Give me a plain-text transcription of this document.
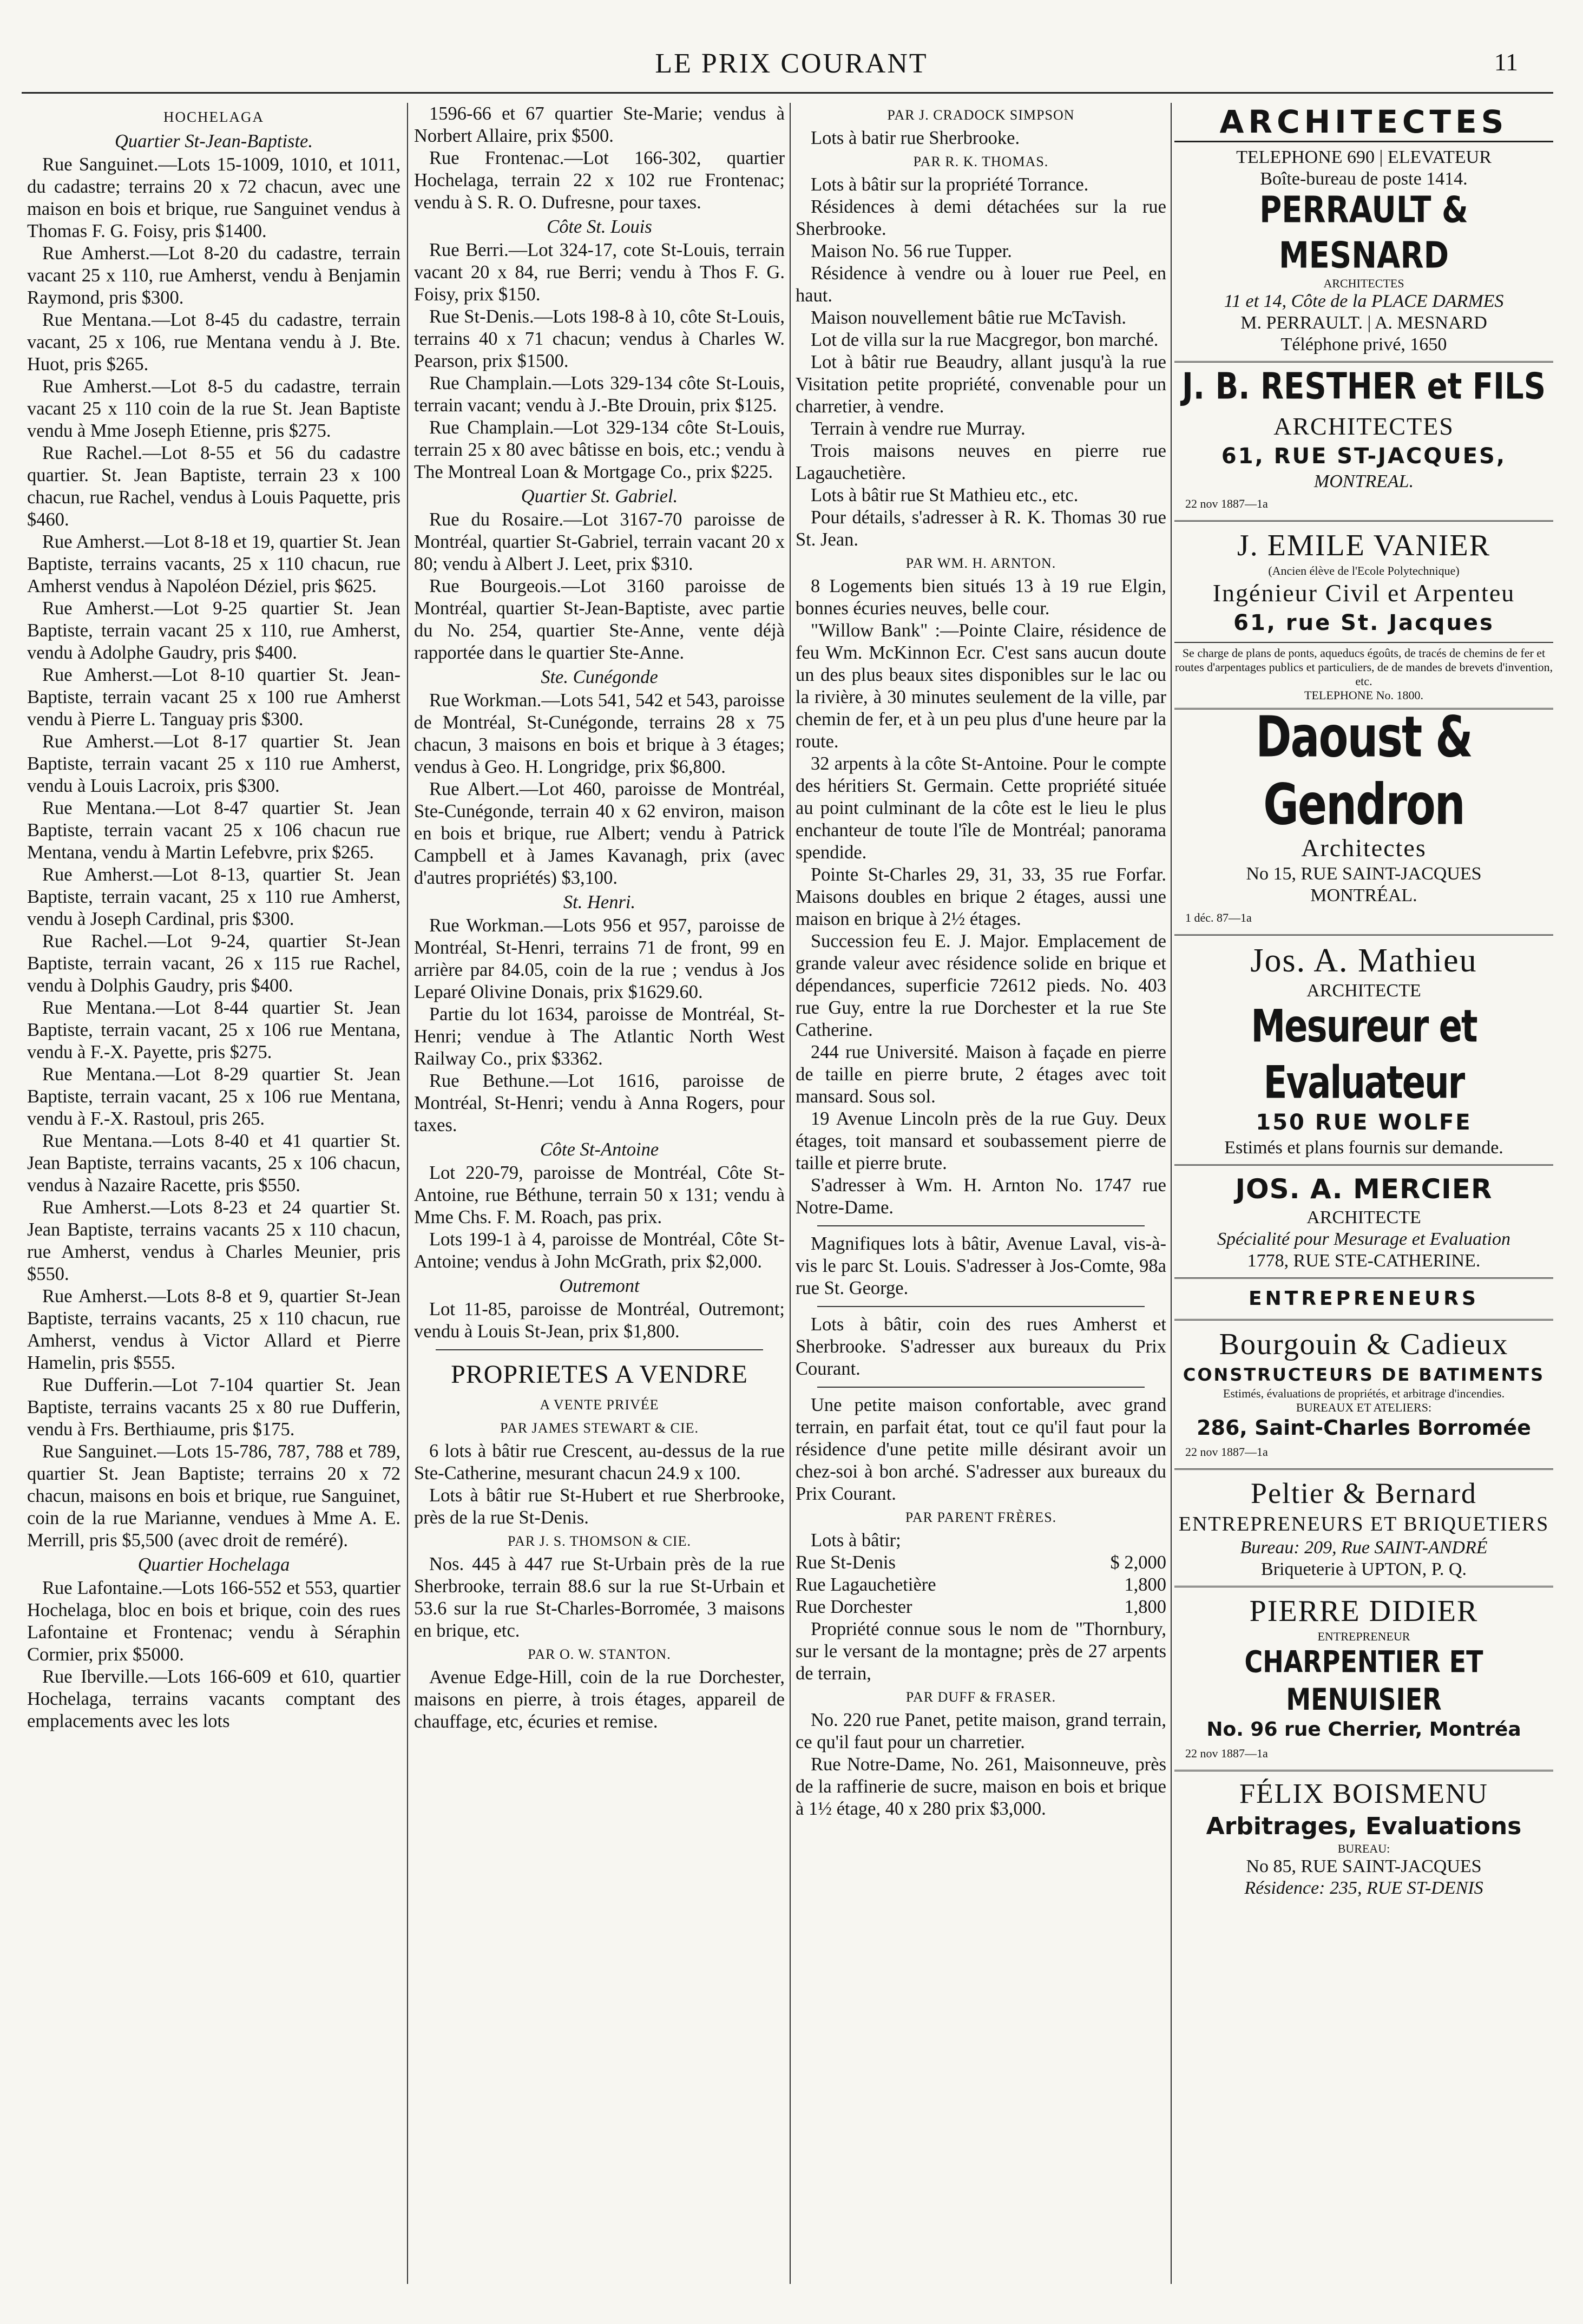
LE PRIX COURANT	11
HOCHELAGA
Quartier St-Jean-Baptiste.

Rue Sanguinet.—Lots 15-1009, 1010, et 1011, du cadastre; terrains 20 x 72 chacun, avec une maison en bois et brique, rue Sanguinet vendus à Thomas F. G. Foisy, pris $1400.

Rue Amherst.—Lot 8-20 du cadastre, terrain vacant 25 x 110, rue Amherst, vendu à Benjamin Raymond, pris $300.

Rue Mentana.—Lot 8-45 du cadastre, terrain vacant, 25 x 106, rue Mentana vendu à J. Bte. Huot, pris $265.

Rue Amherst.—Lot 8-5 du cadastre, terrain vacant 25 x 110 coin de la rue St. Jean Baptiste vendu à Mme Joseph Etienne, pris $275.

Rue Rachel.—Lot 8-55 et 56 du cadastre quartier. St. Jean Baptiste, terrain 23 x 100 chacun, rue Rachel, vendus à Louis Paquette, pris $460.

Rue Amherst.—Lot 8-18 et 19, quartier St. Jean Baptiste, terrains vacants, 25 x 110 chacun, rue Amherst vendus à Napoléon Déziel, pris $625.

Rue Amherst.—Lot 9-25 quartier St. Jean Baptiste, terrain vacant 25 x 110, rue Amherst, vendu à Adolphe Gaudry, pris $400.

Rue Amherst.—Lot 8-10 quartier St. Jean-Baptiste, terrain vacant 25 x 100 rue Amherst vendu à Pierre L. Tanguay pris $300.

Rue Amherst.—Lot 8-17 quartier St. Jean Baptiste, terrain vacant 25 x 110 rue Amherst, vendu à Louis Lacroix, pris $300.

Rue Mentana.—Lot 8-47 quartier St. Jean Baptiste, terrain vacant 25 x 106 chacun rue Mentana, vendu à Martin Lefebvre, prix $265.

Rue Amherst.—Lot 8-13, quartier St. Jean Baptiste, terrain vacant, 25 x 110 rue Amherst, vendu à Joseph Cardinal, pris $300.

Rue Rachel.—Lot 9-24, quartier St-Jean Baptiste, terrain vacant, 26 x 115 rue Rachel, vendu à Dolphis Gaudry, pris $400.

Rue Mentana.—Lot 8-44 quartier St. Jean Baptiste, terrain vacant, 25 x 106 rue Mentana, vendu à F.-X. Payette, pris $275.

Rue Mentana.—Lot 8-29 quartier St. Jean Baptiste, terrain vacant, 25 x 106 rue Mentana, vendu à F.-X. Rastoul, pris 265.

Rue Mentana.—Lots 8-40 et 41 quartier St. Jean Baptiste, terrains vacants, 25 x 106 chacun, vendus à Nazaire Racette, pris $550.

Rue Amherst.—Lots 8-23 et 24 quartier St. Jean Baptiste, terrains vacants 25 x 110 chacun, rue Amherst, vendus à Charles Meunier, pris $550.

Rue Amherst.—Lots 8-8 et 9, quartier St-Jean Baptiste, terrains vacants, 25 x 110 chacun, rue Amherst, vendus à Victor Allard et Pierre Hamelin, pris $555.

Rue Dufferin.—Lot 7-104 quartier St. Jean Baptiste, terrains vacants 25 x 80 rue Dufferin, vendu à Frs. Berthiaume, pris $175.

Rue Sanguinet.—Lots 15-786, 787, 788 et 789, quartier St. Jean Baptiste; terrains 20 x 72 chacun, maisons en bois et brique, rue Sanguinet, coin de la rue Marianne, vendues à Mme A. E. Merrill, pris $5,500 (avec droit de reméré).

Quartier Hochelaga

Rue Lafontaine.—Lots 166-552 et 553, quartier Hochelaga, bloc en bois et brique, coin des rues Lafontaine et Frontenac; vendu à Séraphin Cormier, prix $5000.

Rue Iberville.—Lots 166-609 et 610, quartier Hochelaga, terrains vacants comptant des emplacements avec les lots

1596-66 et 67 quartier Ste-Marie; vendus à Norbert Allaire, prix $500.

Rue Frontenac.—Lot 166-302, quartier Hochelaga, terrain 22 x 102 rue Frontenac; vendu à S. R. O. Dufresne, pour taxes.

Côte St. Louis

Rue Berri.—Lot 324-17, cote St-Louis, terrain vacant 20 x 84, rue Berri; vendu à Thos F. G. Foisy, prix $150.

Rue St-Denis.—Lots 198-8 à 10, côte St-Louis, terrains 40 x 71 chacun; vendus à Charles W. Pearson, prix $1500.

Rue Champlain.—Lots 329-134 côte St-Louis, terrain vacant; vendu à J.-Bte Drouin, prix $125.

Rue Champlain.—Lot 329-134 côte St-Louis, terrain 25 x 80 avec bâtisse en bois, etc.; vendu à The Montreal Loan & Mortgage Co., prix $225.

Quartier St. Gabriel.

Rue du Rosaire.—Lot 3167-70 paroisse de Montréal, quartier St-Gabriel, terrain vacant 20 x 80; vendu à Albert J. Leet, prix $310.

Rue Bourgeois.—Lot 3160 paroisse de Montréal, quartier St-Jean-Baptiste, avec partie du No. 254, quartier Ste-Anne, vente déjà rapportée dans le quartier Ste-Anne.

Ste. Cunégonde

Rue Workman.—Lots 541, 542 et 543, paroisse de Montréal, St-Cunégonde, terrains 28 x 75 chacun, 3 maisons en bois et brique à 3 étages; vendus à Geo. H. Longridge, prix $6,800.

Rue Albert.—Lot 460, paroisse de Montréal, Ste-Cunégonde, terrain 40 x 62 environ, maison en bois et brique, rue Albert; vendu à Patrick Campbell et à James Kavanagh, prix (avec d'autres propriétés) $3,100.

St. Henri.

Rue Workman.—Lots 956 et 957, paroisse de Montréal, St-Henri, terrains 71 de front, 99 en arrière par 84.05, coin de la rue ; vendus à Jos Leparé Olivine Donais, prix $1629.60.

Partie du lot 1634, paroisse de Montréal, St-Henri; vendue à The Atlantic North West Railway Co., prix $3362.

Rue Bethune.—Lot 1616, paroisse de Montréal, St-Henri; vendu à Anna Rogers, pour taxes.

Côte St-Antoine

Lot 220-79, paroisse de Montréal, Côte St-Antoine, rue Béthune, terrain 50 x 131; vendu à Mme Chs. F. M. Roach, pas prix.

Lots 199-1 à 4, paroisse de Montréal, Côte St-Antoine; vendus à John McGrath, prix $2,000.

Outremont

Lot 11-85, paroisse de Montréal, Outremont; vendu à Louis St-Jean, prix $1,800.

PROPRIETES A VENDRE
A VENTE PRIVÉE
PAR JAMES STEWART & CIE.

6 lots à bâtir rue Crescent, au-dessus de la rue Ste-Catherine, mesurant chacun 24.9 x 100.

Lots à bâtir rue St-Hubert et rue Sherbrooke, près de la rue St-Denis.

PAR J. S. THOMSON & CIE.

Nos. 445 à 447 rue St-Urbain près de la rue Sherbrooke, terrain 88.6 sur la rue St-Urbain et 53.6 sur la rue St-Charles-Borromée, 3 maisons en brique, etc.

PAR O. W. STANTON.

Avenue Edge-Hill, coin de la rue Dorchester, maisons en pierre, à trois étages, appareil de chauffage, etc, écuries et remise.

PAR J. CRADOCK SIMPSON

Lots à batir rue Sherbrooke.

PAR R. K. THOMAS.

Lots à bâtir sur la propriété Torrance.

Résidences à demi détachées sur la rue Sherbrooke.

Maison No. 56 rue Tupper.

Résidence à vendre ou à louer rue Peel, en haut.

Maison nouvellement bâtie rue McTavish.

Lot de villa sur la rue Macgregor, bon marché.

Lot à bâtir rue Beaudry, allant jusqu'à la rue Visitation petite propriété, convenable pour un charretier, à vendre.

Terrain à vendre rue Murray.

Trois maisons neuves en pierre rue Lagauchetière.

Lots à bâtir rue St Mathieu etc., etc.

Pour détails, s'adresser à R. K. Thomas 30 rue St. Jean.

PAR WM. H. ARNTON.

8 Logements bien situés 13 à 19 rue Elgin, bonnes écuries neuves, belle cour.

"Willow Bank" :—Pointe Claire, résidence de feu Wm. McKinnon Ecr. C'est sans aucun doute un des plus beaux sites disponibles sur le lac ou la rivière, à 30 minutes seulement de la ville, par chemin de fer, et à un peu plus d'une heure par la route.

32 arpents à la côte St-Antoine. Pour le compte des héritiers St. Germain. Cette propriété située au point culminant de la côte est le lieu le plus enchanteur de toute l'île de Montréal; panorama spendide.

Pointe St-Charles 29, 31, 33, 35 rue Forfar. Maisons doubles en brique 2 étages, aussi une maison en brique à 2½ étages.

Succession feu E. J. Major. Emplacement de grande valeur avec résidence solide en brique et dépendances, superficie 72612 pieds. No. 403 rue Guy, entre la rue Dorchester et la rue Ste Catherine.

244 rue Université. Maison à façade en pierre de taille en pierre brute, 2 étages avec toit mansard. Sous sol.

19 Avenue Lincoln près de la rue Guy. Deux étages, toit mansard et soubassement pierre de taille et pierre brute.

S'adresser à Wm. H. Arnton No. 1747 rue Notre-Dame.

Magnifiques lots à bâtir, Avenue Laval, vis-à-vis le parc St. Louis. S'adresser à Jos-Comte, 98a rue St. George.

Lots à bâtir, coin des rues Amherst et Sherbrooke. S'adresser aux bureaux du Prix Courant.

Une petite maison confortable, avec grand terrain, en parfait état, tout ce qu'il faut pour la résidence d'une petite mille désirant avoir un chez-soi à bon arché. S'adresser aux bureaux du Prix Courant.

PAR PARENT FRÈRES.

Lots à bâtir;

Rue St-Denis	$ 2,000
Rue Lagauchetière	1,800
Rue Dorchester	1,800

Propriété connue sous le nom de "Thornbury, sur le versant de la montagne; près de 27 arpents de terrain,

PAR DUFF & FRASER.

No. 220 rue Panet, petite maison, grand terrain, ce qu'il faut pour un charretier.

Rue Notre-Dame, No. 261, Maisonneuve, près de la raffinerie de sucre, maison en bois et brique à 1½ étage, 40 x 280 prix $3,000.

ARCHITECTES
TELEPHONE 690 | ELEVATEUR
Boîte-bureau de poste 1414.
PERRAULT & MESNARD
ARCHITECTES
11 et 14, Côte de la PLACE DARMES
M. PERRAULT. | A. MESNARD
Téléphone privé, 1650
J. B. RESTHER et FILS
ARCHITECTES
61, RUE ST-JACQUES,
MONTREAL.
22 nov 1887—1a
J. EMILE VANIER
(Ancien élève de l'Ecole Polytechnique)
Ingénieur Civil et Arpenteu
61, rue St. Jacques
Se charge de plans de ponts, aqueducs égoûts, de tracés de chemins de fer et routes d'arpentages publics et particuliers, de de mandes de brevets d'invention, etc.
TELEPHONE No. 1800.
Daoust & Gendron
Architectes
No 15, RUE SAINT-JACQUES
MONTRÉAL.
1 déc. 87—1a
Jos. A. Mathieu
ARCHITECTE
Mesureur et Evaluateur
150 RUE WOLFE
Estimés et plans fournis sur demande.
JOS. A. MERCIER
ARCHITECTE
Spécialité pour Mesurage et Evaluation
1778, RUE STE-CATHERINE.
ENTREPRENEURS
Bourgouin & Cadieux
CONSTRUCTEURS DE BATIMENTS
Estimés, évaluations de propriétés, et arbitrage d'incendies.
BUREAUX ET ATELIERS:
286, Saint-Charles Borromée
22 nov 1887—1a
Peltier & Bernard
ENTREPRENEURS ET BRIQUETIERS
Bureau: 209, Rue SAINT-ANDRÉ
Briqueterie à UPTON, P. Q.
PIERRE DIDIER
ENTREPRENEUR
CHARPENTIER ET MENUISIER
No. 96 rue Cherrier, Montréa
22 nov 1887—1a
FÉLIX BOISMENU
Arbitrages, Evaluations
BUREAU:
No 85, RUE SAINT-JACQUES
Résidence: 235, RUE ST-DENIS
